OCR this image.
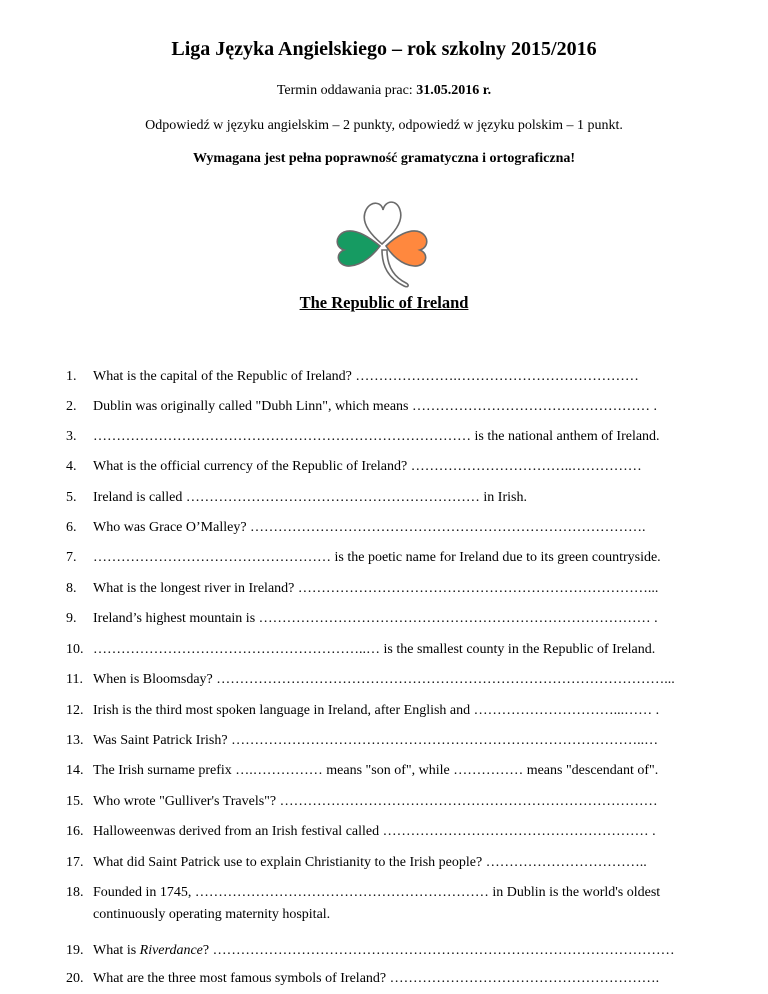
Liga Języka Angielskiego – rok szkolny 2015/2016
Termin oddawania prac: 31.05.2016 r.
Odpowiedź w języku angielskim – 2 punkty, odpowiedź w języku polskim – 1 punkt.
Wymagana jest pełna poprawność gramatyczna i ortograficzna!
The Republic of Ireland
1. What is the capital of the Republic of Ireland? ………………….…………………………………
2. Dublin was originally called "Dubh Linn", which means …………………………………………… .
3. ……………………………………………………………………… is the national anthem of Ireland.
4. What is the official currency of the Republic of Ireland? ……………………………..……………
5. Ireland is called ……………………………………………………… in Irish.
6. Who was Grace O’Malley? ………………………………………………………………………….
7. …………………………………………… is the poetic name for Ireland due to its green countryside.
8. What is the longest river in Ireland? …………………………………………………………………...
9. Ireland’s highest mountain is ………………………………………………………………………… .
10. …………………………………………………..… is the smallest county in the Republic of Ireland.
11. When is Bloomsday? ……………………………………………………………………………………...
12. Irish is the third most spoken language in Ireland, after English and …………………………...…… .
13. Was Saint Patrick Irish? ……………………………………………………………………………..…
14. The Irish surname prefix ….…………… means "son of", while …………… means "descendant of".
15. Who wrote "Gulliver's Travels"? ………………………………………………………………………
16. Halloweenwas derived from an Irish festival called ………………………………………………… .
17. What did Saint Patrick use to explain Christianity to the Irish people? ……………………………..
18. Founded in 1745, ……………………………………………………… in Dublin is the world's oldest continuously operating maternity hospital.
19. What is Riverdance? ………………………………………………………………………………………
20. What are the three most famous symbols of Ireland? ………………………………………………….
